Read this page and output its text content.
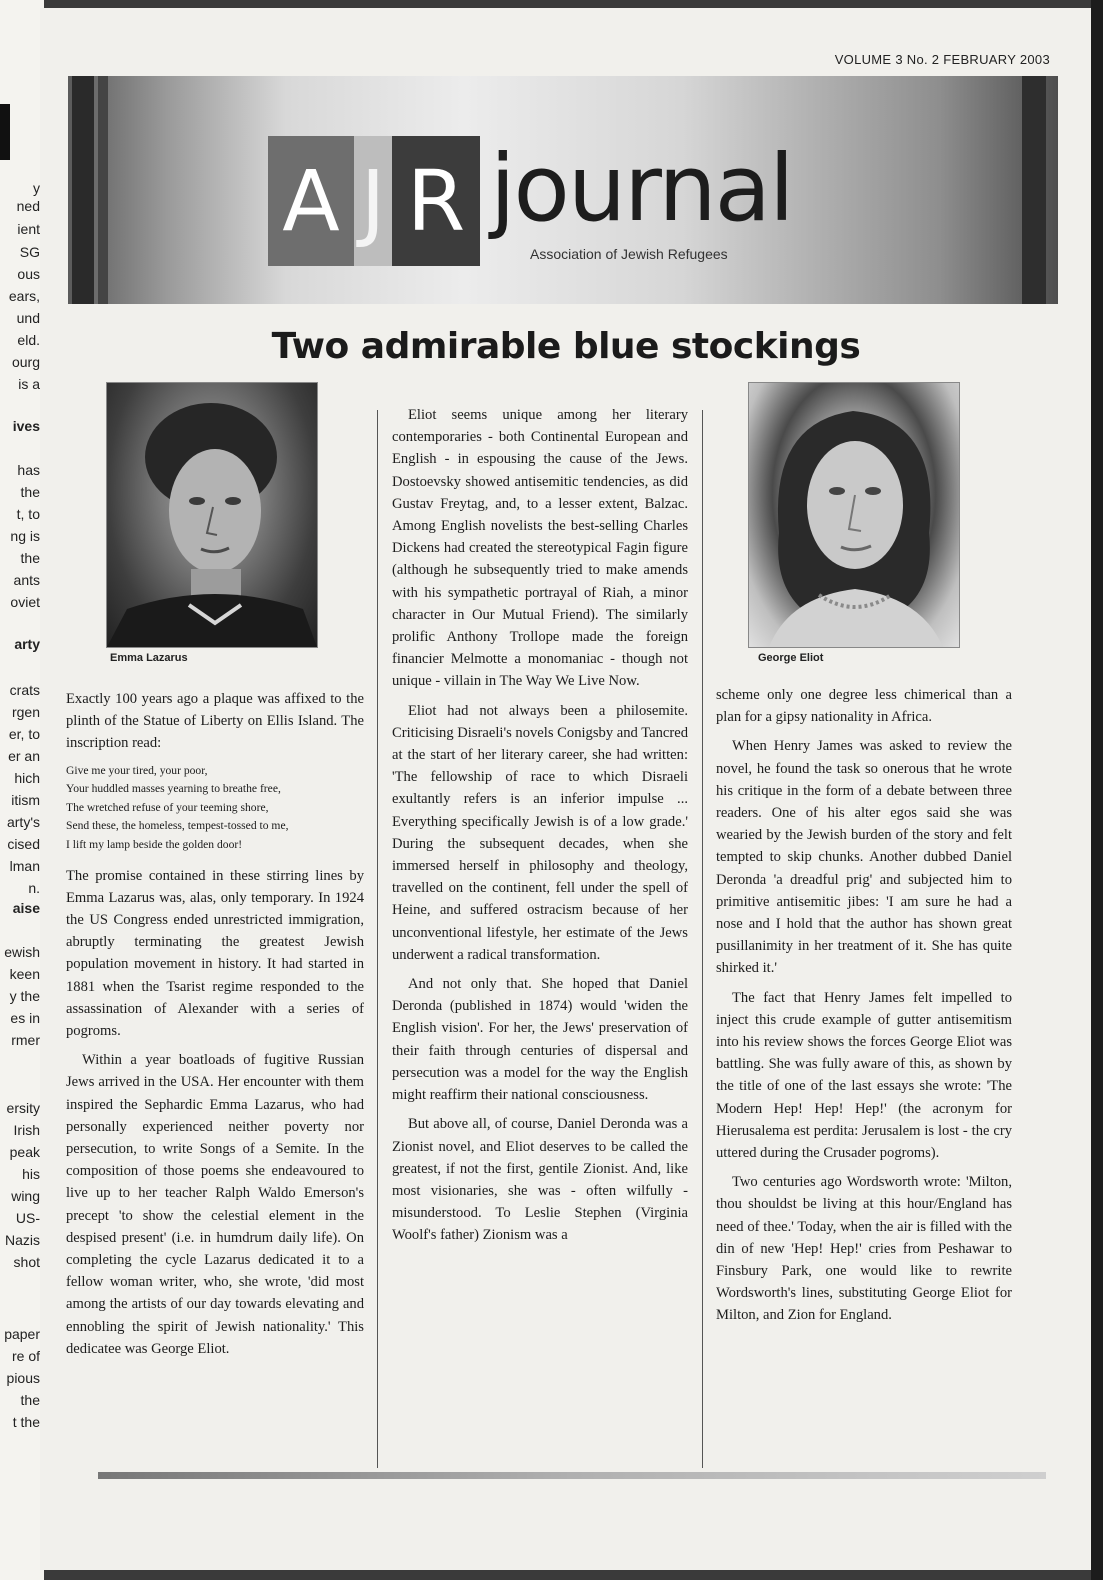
y
ned
ient
SG
ous
ears,
und
eld.
ourg
is a
ives
has
the
t, to
ng is
the
ants
oviet
arty
crats
rgen
er, to
er an
hich
itism
arty's
cised
lman
n.
aise
ewish
keen
y the
es in
rmer
ersity
Irish
peak
his
wing
US-
Nazis
shot
paper
re of
pious
the
t the
VOLUME 3 No. 2 FEBRUARY 2003
A J R journal
Association of Jewish Refugees
Two admirable blue stockings
Emma Lazarus	George Eliot

Exactly 100 years ago a plaque was affixed to the plinth of the Statue of Liberty on Ellis Island. The inscription read:

Give me your tired, your poor,
Your huddled masses yearning to breathe free,
The wretched refuse of your teeming shore,
Send these, the homeless, tempest-tossed to me,
I lift my lamp beside the golden door!

The promise contained in these stirring lines by Emma Lazarus was, alas, only temporary. In 1924 the US Congress ended unrestricted immigration, abruptly terminating the greatest Jewish population movement in history. It had started in 1881 when the Tsarist regime responded to the assassination of Alexander with a series of pogroms.

Within a year boatloads of fugitive Russian Jews arrived in the USA. Her encounter with them inspired the Sephardic Emma Lazarus, who had personally experienced neither poverty nor persecution, to write Songs of a Semite. In the composition of those poems she endeavoured to live up to her teacher Ralph Waldo Emerson's precept 'to show the celestial element in the despised present' (i.e. in humdrum daily life). On completing the cycle Lazarus dedicated it to a fellow woman writer, who, she wrote, 'did most among the artists of our day towards elevating and ennobling the spirit of Jewish nationality.' This dedicatee was George Eliot.

Eliot seems unique among her literary contemporaries - both Continental European and English - in espousing the cause of the Jews. Dostoevsky showed antisemitic tendencies, as did Gustav Freytag, and, to a lesser extent, Balzac. Among English novelists the best-selling Charles Dickens had created the stereotypical Fagin figure (although he subsequently tried to make amends with his sympathetic portrayal of Riah, a minor character in Our Mutual Friend). The similarly prolific Anthony Trollope made the foreign financier Melmotte a monomaniac - though not unique - villain in The Way We Live Now.

Eliot had not always been a philosemite. Criticising Disraeli's novels Conigsby and Tancred at the start of her literary career, she had written: 'The fellowship of race to which Disraeli exultantly refers is an inferior impulse ... Everything specifically Jewish is of a low grade.' During the subsequent decades, when she immersed herself in philosophy and theology, travelled on the continent, fell under the spell of Heine, and suffered ostracism because of her unconventional lifestyle, her estimate of the Jews underwent a radical transformation.

And not only that. She hoped that Daniel Deronda (published in 1874) would 'widen the English vision'. For her, the Jews' preservation of their faith through centuries of dispersal and persecution was a model for the way the English might reaffirm their national consciousness.

But above all, of course, Daniel Deronda was a Zionist novel, and Eliot deserves to be called the greatest, if not the first, gentile Zionist. And, like most visionaries, she was - often wilfully - misunderstood. To Leslie Stephen (Virginia Woolf's father) Zionism was a

scheme only one degree less chimerical than a plan for a gipsy nationality in Africa.

When Henry James was asked to review the novel, he found the task so onerous that he wrote his critique in the form of a debate between three readers. One of his alter egos said she was wearied by the Jewish burden of the story and felt tempted to skip chunks. Another dubbed Daniel Deronda 'a dreadful prig' and subjected him to primitive antisemitic jibes: 'I am sure he had a nose and I hold that the author has shown great pusillanimity in her treatment of it. She has quite shirked it.'

The fact that Henry James felt impelled to inject this crude example of gutter antisemitism into his review shows the forces George Eliot was battling. She was fully aware of this, as shown by the title of one of the last essays she wrote: 'The Modern Hep! Hep! Hep!' (the acronym for Hierusalema est perdita: Jerusalem is lost - the cry uttered during the Crusader pogroms).

Two centuries ago Wordsworth wrote: 'Milton, thou shouldst be living at this hour/England has need of thee.' Today, when the air is filled with the din of new 'Hep! Hep!' cries from Peshawar to Finsbury Park, one would like to rewrite Wordsworth's lines, substituting George Eliot for Milton, and Zion for England.
